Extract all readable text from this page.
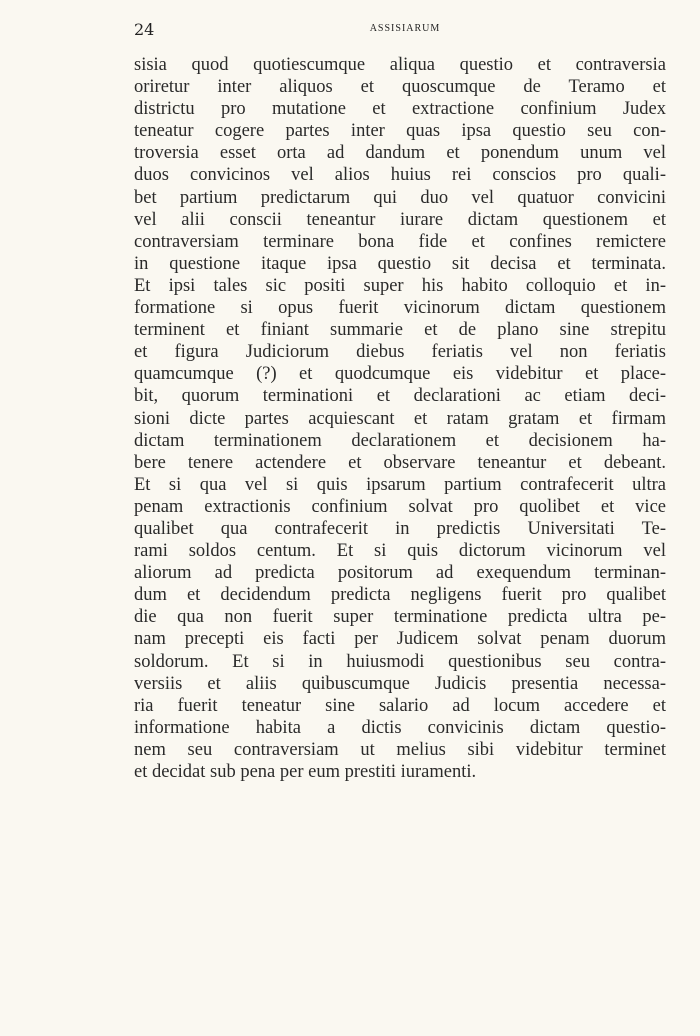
24	ASSISIARUM
sisia quod quotiescumque aliqua questio et contraversia
oriretur inter aliquos et quoscumque de Teramo et
districtu pro mutatione et extractione confinium Judex
teneatur cogere partes inter quas ipsa questio seu con-
troversia esset orta ad dandum et ponendum unum vel
duos convicinos vel alios huius rei conscios pro quali-
bet partium predictarum qui duo vel quatuor convicini
vel alii conscii teneantur iurare dictam questionem et
contraversiam terminare bona fide et confines remictere
in questione itaque ipsa questio sit decisa et terminata.
Et ipsi tales sic positi super his habito colloquio et in-
formatione si opus fuerit vicinorum dictam questionem
terminent et finiant summarie et de plano sine strepitu
et figura Judiciorum diebus feriatis vel non feriatis
quamcumque (?) et quodcumque eis videbitur et place-
bit, quorum terminationi et declarationi ac etiam deci-
sioni dicte partes acquiescant et ratam gratam et firmam
dictam terminationem declarationem et decisionem ha-
bere tenere actendere et observare teneantur et debeant.
Et si qua vel si quis ipsarum partium contrafecerit ultra
penam extractionis confinium solvat pro quolibet et vice
qualibet qua contrafecerit in predictis Universitati Te-
rami soldos centum. Et si quis dictorum vicinorum vel
aliorum ad predicta positorum ad exequendum terminan-
dum et decidendum predicta negligens fuerit pro qualibet
die qua non fuerit super terminatione predicta ultra pe-
nam precepti eis facti per Judicem solvat penam duorum
soldorum. Et si in huiusmodi questionibus seu contra-
versiis et aliis quibuscumque Judicis presentia necessa-
ria fuerit teneatur sine salario ad locum accedere et
informatione habita a dictis convicinis dictam questio-
nem seu contraversiam ut melius sibi videbitur terminet
et decidat sub pena per eum prestiti iuramenti.
